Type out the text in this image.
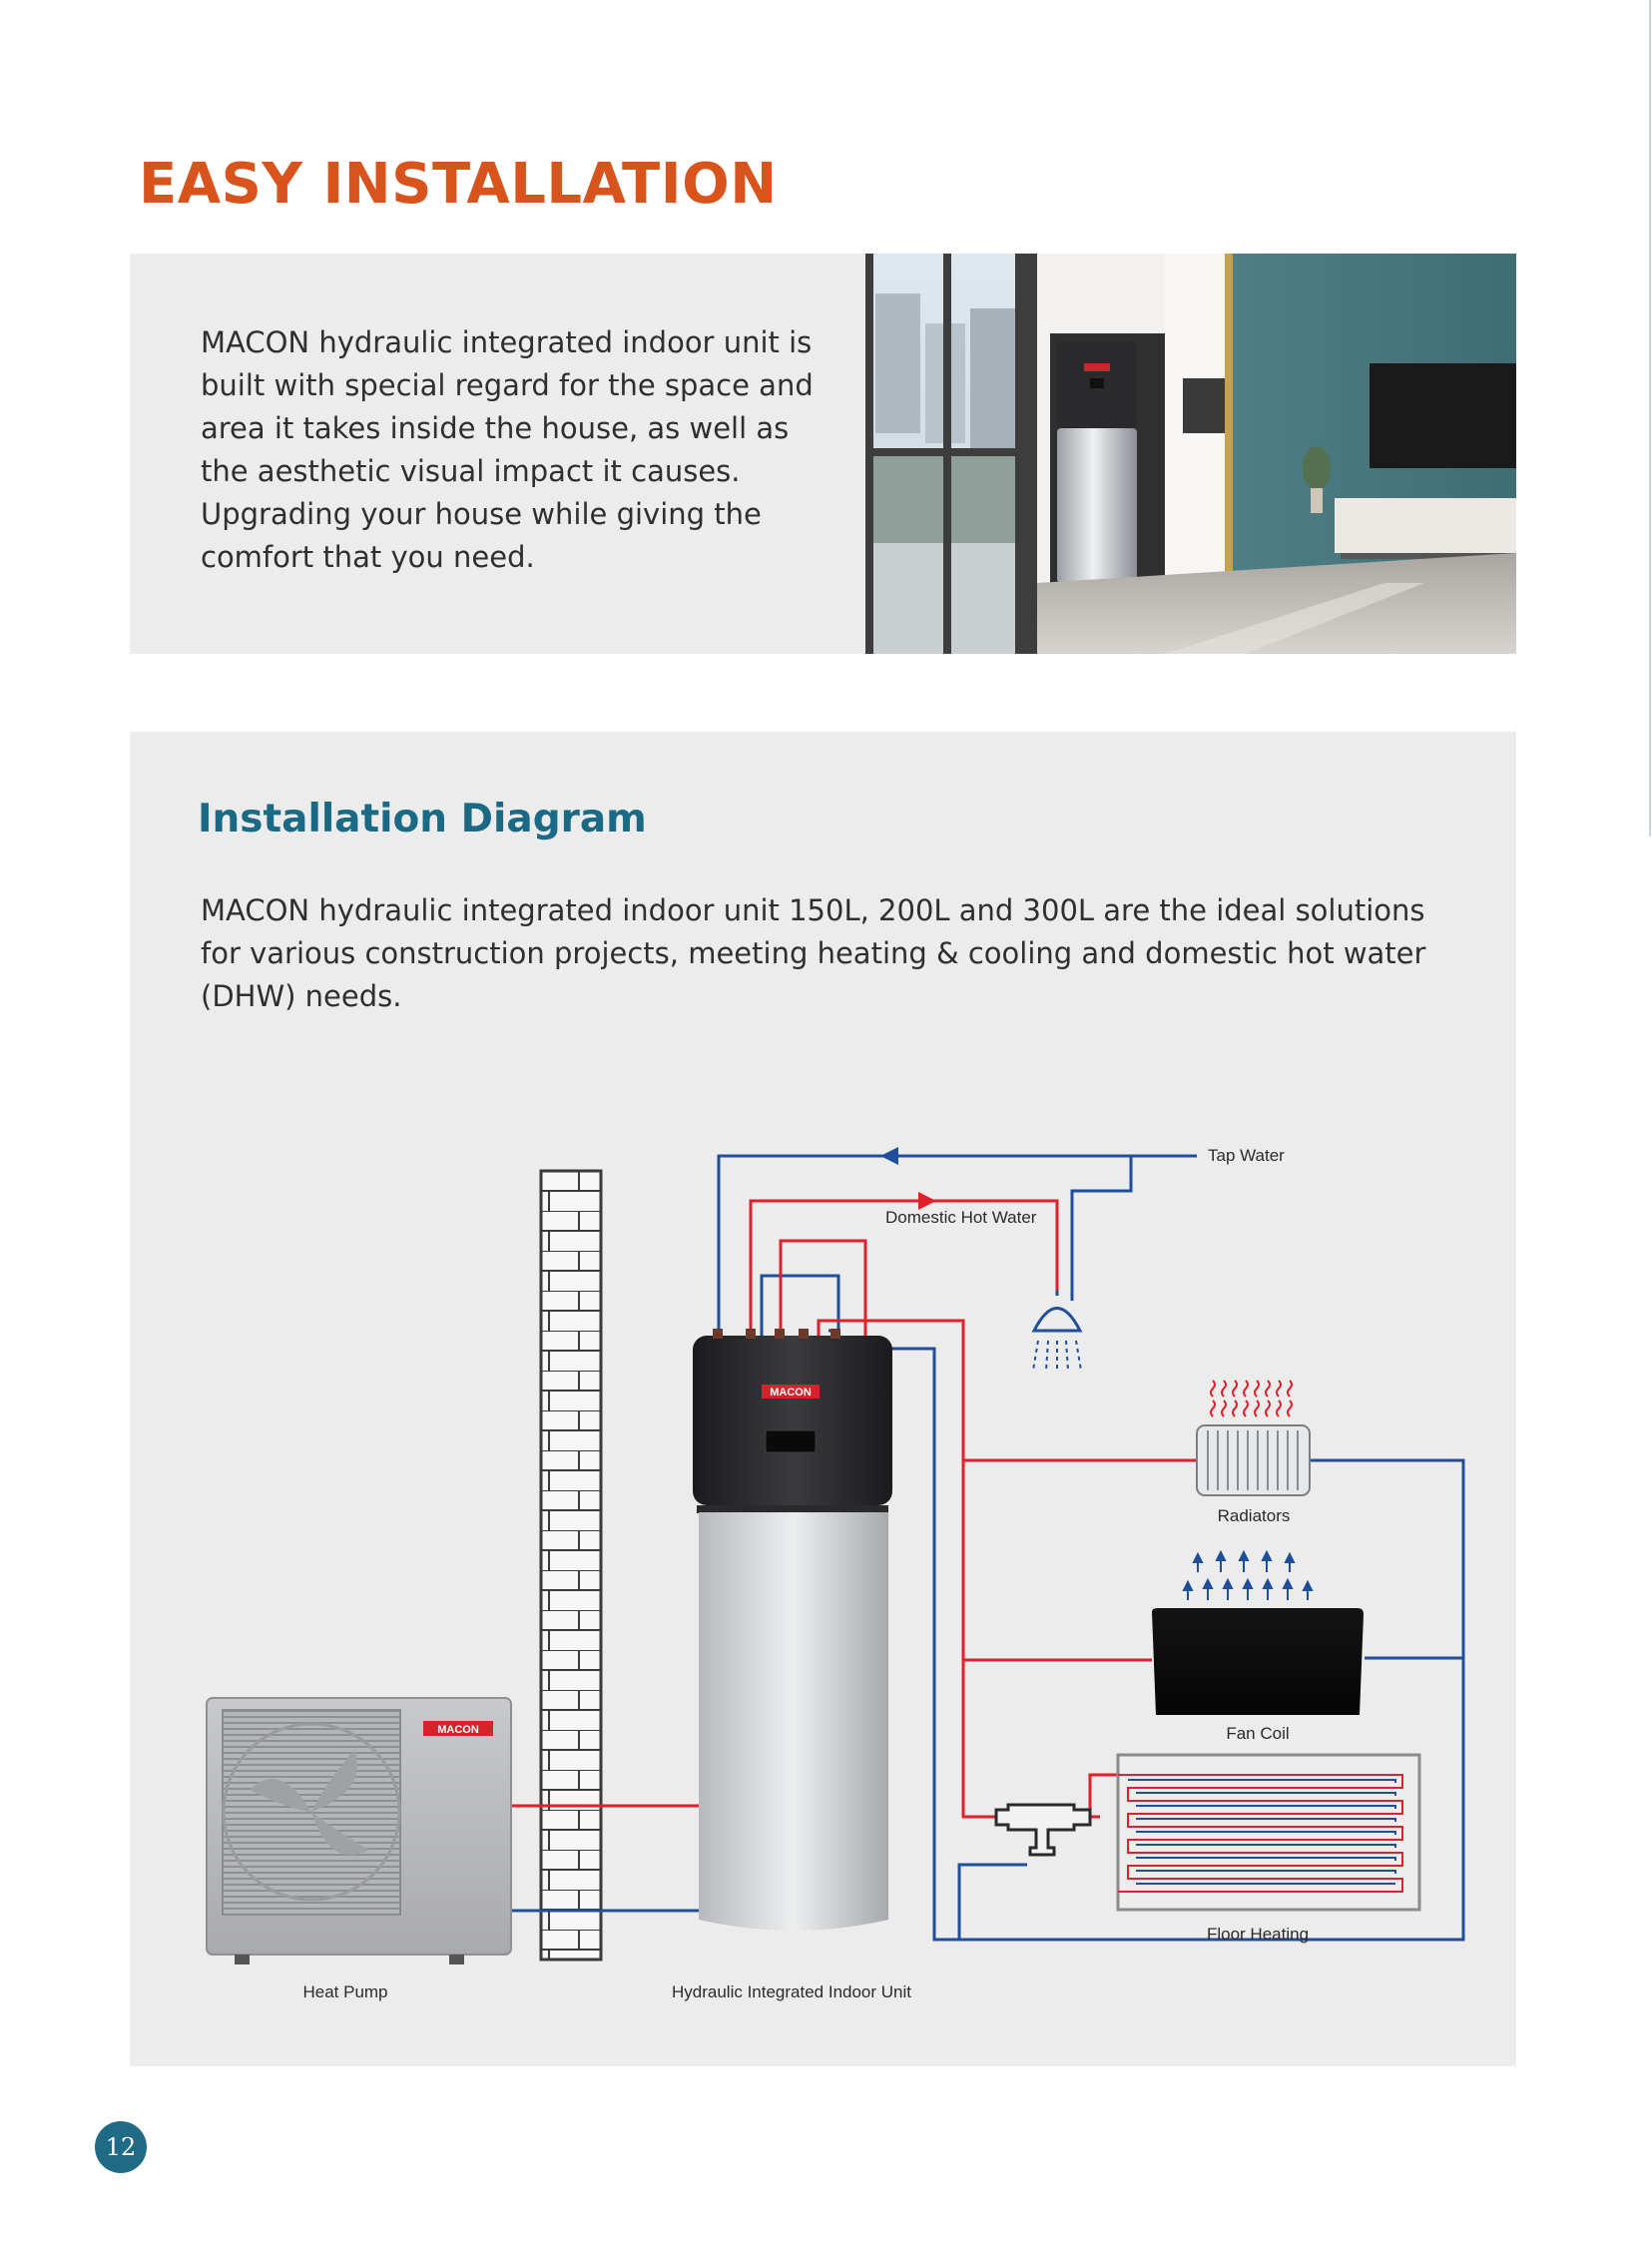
EASY INSTALLATION

MACON hydraulic integrated indoor unit is built with special regard for the space and area it takes inside the house, as well as the aesthetic visual impact it causes. Upgrading your house while giving the comfort that you need.

Installation Diagram

MACON hydraulic integrated indoor unit 150L, 200L and 300L are the ideal solutions for various construction projects, meeting heating & cooling and domestic hot water (DHW) needs.

MACON
MACON
Tap Water
Domestic Hot Water
Radiators
Fan Coil
Floor Heating
Heat Pump	Hydraulic Integrated Indoor Unit
12
